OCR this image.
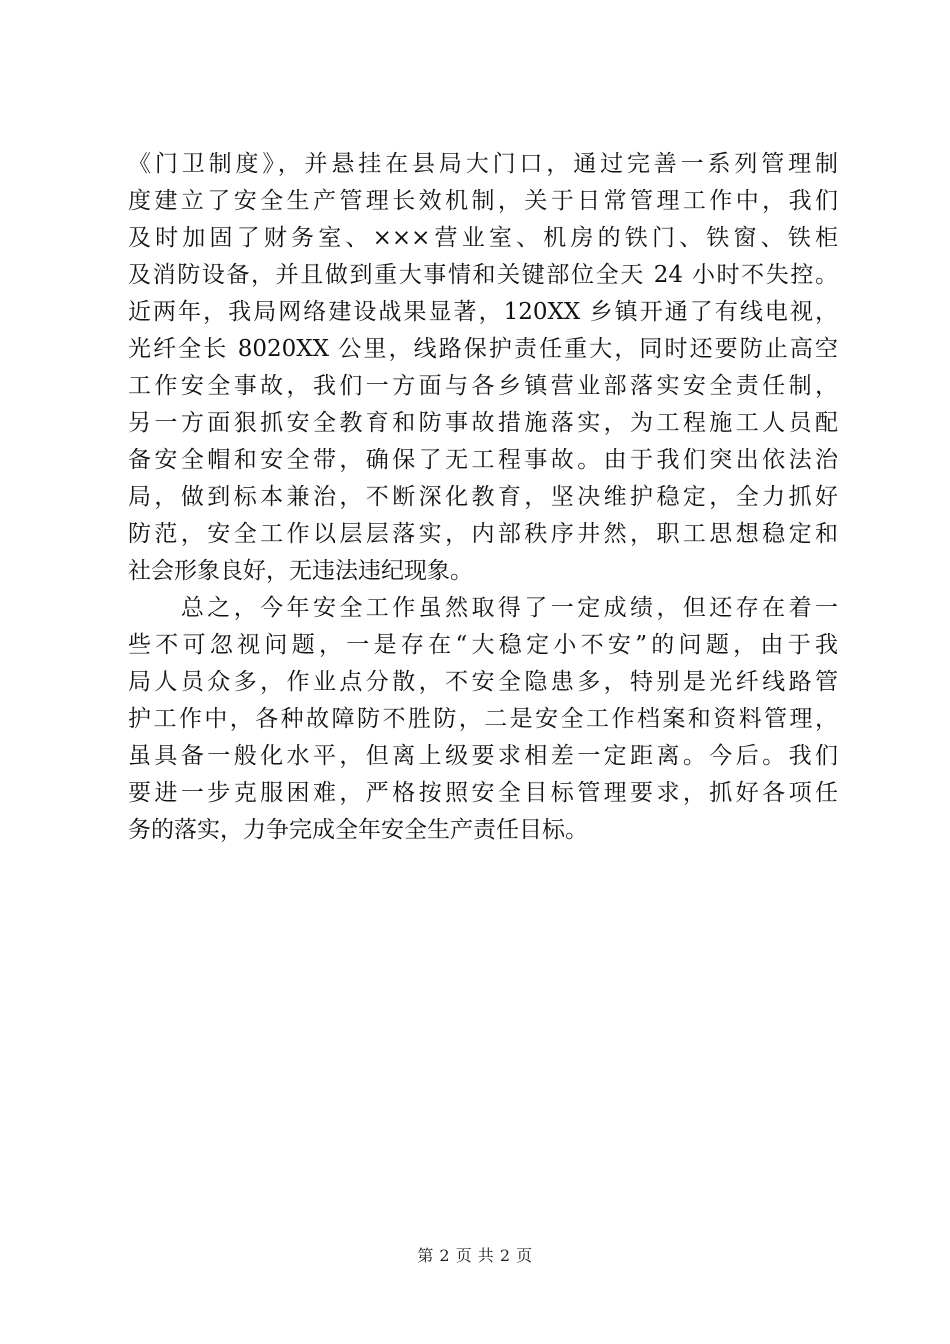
《门卫制度》，并悬挂在县局大门口，通过完善一系列管理制
度建立了安全生产管理长效机制，关于日常管理工作中，我们
及时加固了财务室、×××营业室、机房的铁门、铁窗、铁柜
及消防设备，并且做到重大事情和关键部位全天 24 小时不失控。
近两年，我局网络建设战果显著，120XX 乡镇开通了有线电视，
光纤全长 8020XX 公里，线路保护责任重大，同时还要防止高空
工作安全事故，我们一方面与各乡镇营业部落实安全责任制，
另一方面狠抓安全教育和防事故措施落实，为工程施工人员配
备安全帽和安全带，确保了无工程事故。由于我们突出依法治
局，做到标本兼治，不断深化教育，坚决维护稳定，全力抓好
防范，安全工作以层层落实，内部秩序井然，职工思想稳定和
社会形象良好，无违法违纪现象。
　　总之，今年安全工作虽然取得了一定成绩，但还存在着一
些不可忽视问题，一是存在“大稳定小不安”的问题，由于我
局人员众多，作业点分散，不安全隐患多，特别是光纤线路管
护工作中，各种故障防不胜防，二是安全工作档案和资料管理，
虽具备一般化水平，但离上级要求相差一定距离。今后。我们
要进一步克服困难，严格按照安全目标管理要求，抓好各项任
务的落实，力争完成全年安全生产责任目标。
第 2 页 共 2 页
